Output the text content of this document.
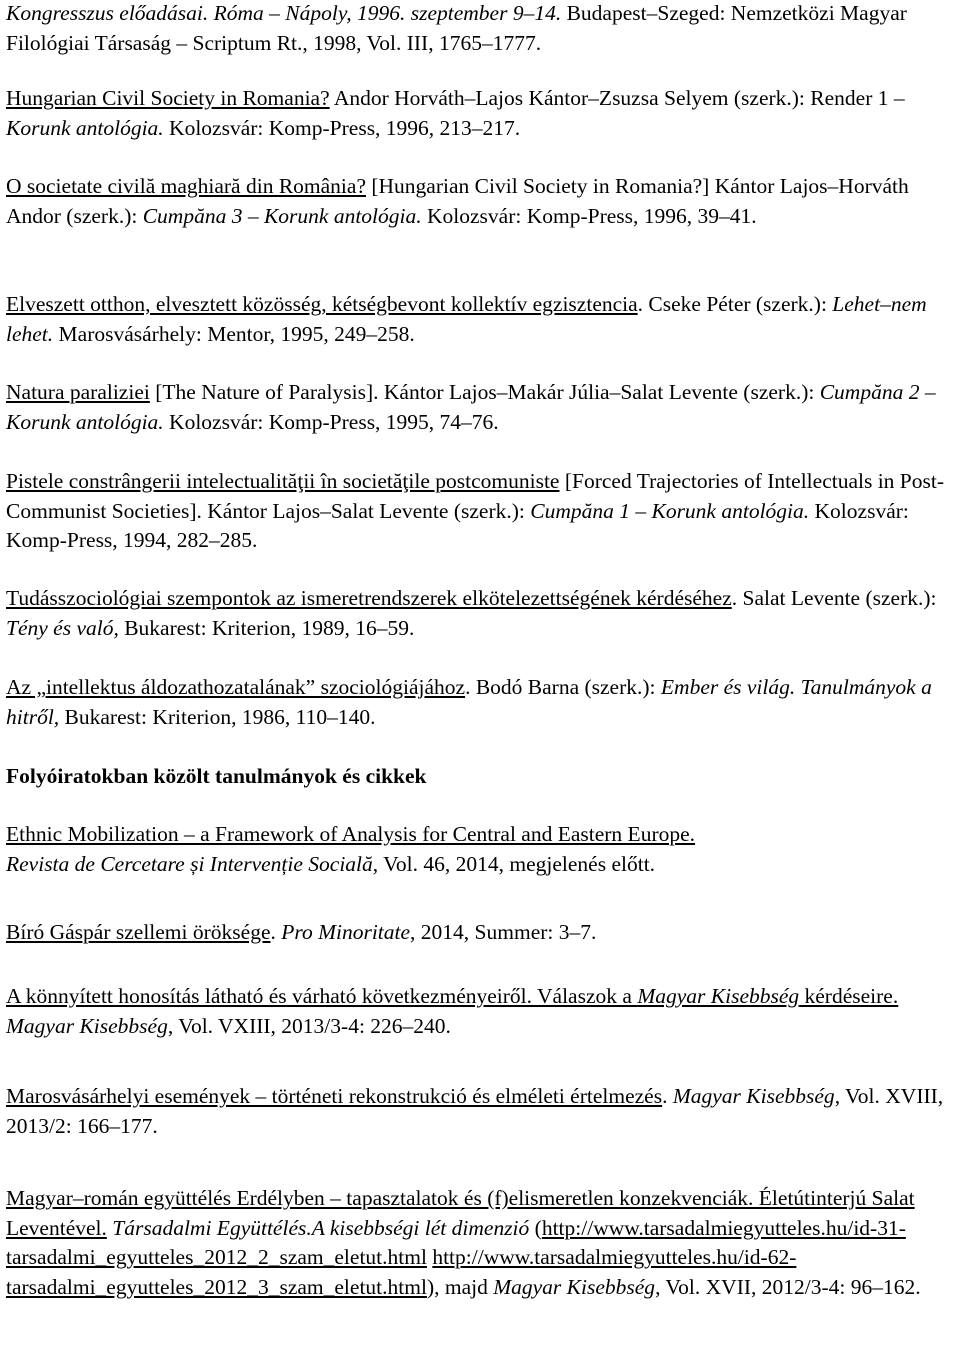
Kongresszus előadásai. Róma – Nápoly, 1996. szeptember 9–14. Budapest–Szeged: Nemzetközi Magyar Filológiai Társaság – Scriptum Rt., 1998, Vol. III, 1765–1777.

Hungarian Civil Society in Romania? Andor Horváth–Lajos Kántor–Zsuzsa Selyem (szerk.): Render 1 – Korunk antológia. Kolozsvár: Komp-Press, 1996, 213–217.

O societate civilă maghiară din România? [Hungarian Civil Society in Romania?] Kántor Lajos–Horváth Andor (szerk.): Cumpăna 3 – Korunk antológia. Kolozsvár: Komp-Press, 1996, 39–41.

Elveszett otthon, elvesztett közösség, kétségbevont kollektív egzisztencia. Cseke Péter (szerk.): Lehet–nem lehet. Marosvásárhely: Mentor, 1995, 249–258.

Natura paraliziei [The Nature of Paralysis]. Kántor Lajos–Makár Júlia–Salat Levente (szerk.): Cumpăna 2 – Korunk antológia. Kolozsvár: Komp-Press, 1995, 74–76.

Pistele constrângerii intelectualităţii în societăţile postcomuniste [Forced Trajectories of Intellectuals in Post-Communist Societies]. Kántor Lajos–Salat Levente (szerk.): Cumpăna 1 – Korunk antológia. Kolozsvár: Komp-Press, 1994, 282–285.

Tudásszociológiai szempontok az ismeretrendszerek elkötelezettségének kérdéséhez. Salat Levente (szerk.): Tény és való, Bukarest: Kriterion, 1989, 16–59.

Az „intellektus áldozathozatalának” szociológiájához. Bodó Barna (szerk.): Ember és világ. Tanulmányok a hitről, Bukarest: Kriterion, 1986, 110–140.

Folyóiratokban közölt tanulmányok és cikkek

Ethnic Mobilization – a Framework of Analysis for Central and Eastern Europe.
Revista de Cercetare și Intervenție Socială, Vol. 46, 2014, megjelenés előtt.

Bíró Gáspár szellemi öröksége. Pro Minoritate, 2014, Summer: 3–7.

A könnyített honosítás látható és várható következményeiről. Válaszok a Magyar Kisebbség kérdéseire. Magyar Kisebbség, Vol. VXIII, 2013/3-4: 226–240.

Marosvásárhelyi események – történeti rekonstrukció és elméleti értelmezés. Magyar Kisebbség, Vol. XVIII, 2013/2: 166–177.

Magyar–román együttélés Erdélyben – tapasztalatok és (f)elismeretlen konzekvenciák. Életútinterjú Salat Leventével. Társadalmi Együttélés.A kisebbségi lét dimenzió (http://www.tarsadalmiegyutteles.hu/id-31-tarsadalmi_egyutteles_2012_2_szam_eletut.html http://www.tarsadalmiegyutteles.hu/id-62-tarsadalmi_egyutteles_2012_3_szam_eletut.html), majd Magyar Kisebbség, Vol. XVII, 2012/3-4: 96–162.
